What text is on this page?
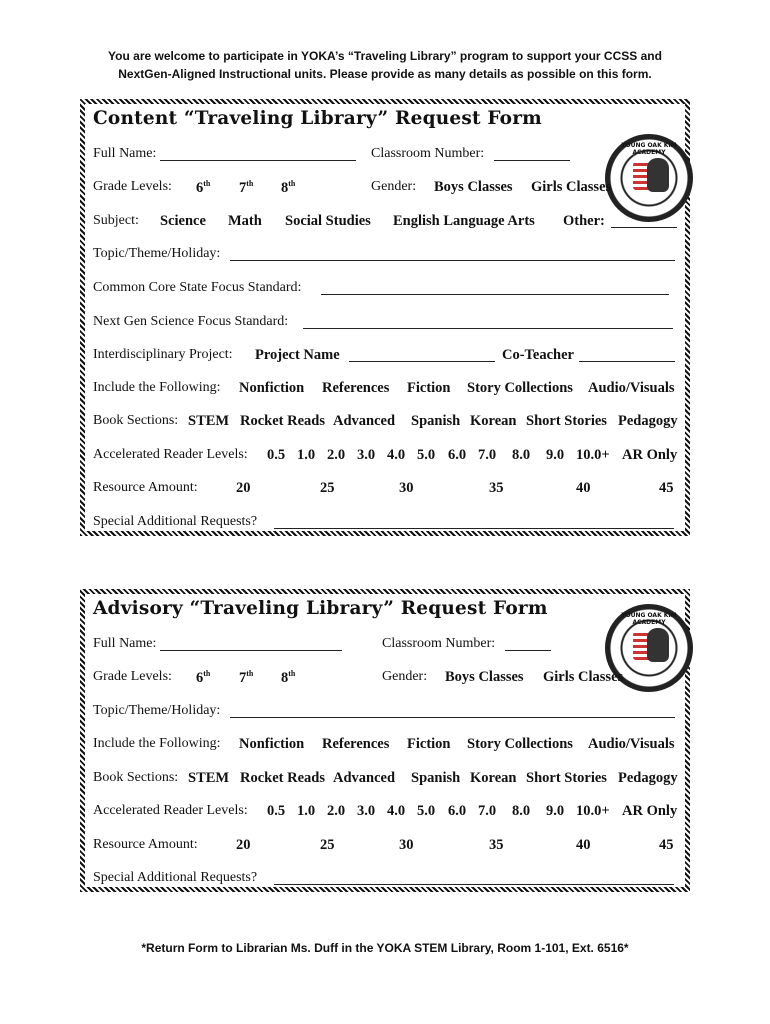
You are welcome to participate in YOKA’s “Traveling Library” program to support your CCSS and
NextGen-Aligned Instructional units. Please provide as many details as possible on this form.
Content “Traveling Library” Request Form
YOUNG OAK KIM ACADEMY
Full Name:	Classroom Number:
Grade Levels: 6th 7th 8th	Gender: Boys Classes Girls Classes
Subject: Science Math Social Studies English Language Arts Other:
Topic/Theme/Holiday:
Common Core State Focus Standard:
Next Gen Science Focus Standard:
Interdisciplinary Project: Project Name	Co-Teacher
Include the Following: Nonfiction References Fiction Story Collections Audio/Visuals
Book Sections: STEM Rocket Reads Advanced Spanish Korean Short Stories Pedagogy
Accelerated Reader Levels: 0.5 1.0 2.0 3.0 4.0 5.0 6.0 7.0 8.0 9.0 10.0+ AR Only
Resource Amount:	20	25	30	35	40	45
Special Additional Requests?
Advisory “Traveling Library” Request Form	YOUNG OAK KIM ACADEMY
Full Name:	Classroom Number:
Grade Levels: 6th 7th 8th	Gender: Boys Classes Girls Classes
Topic/Theme/Holiday:
Include the Following: Nonfiction References Fiction Story Collections Audio/Visuals
Book Sections: STEM Rocket Reads Advanced Spanish Korean Short Stories Pedagogy
Accelerated Reader Levels: 0.5 1.0 2.0 3.0 4.0 5.0 6.0 7.0 8.0 9.0 10.0+ AR Only
Resource Amount:	20	25	30	35	40	45
Special Additional Requests?
*Return Form to Librarian Ms. Duff in the YOKA STEM Library, Room 1-101, Ext. 6516*
